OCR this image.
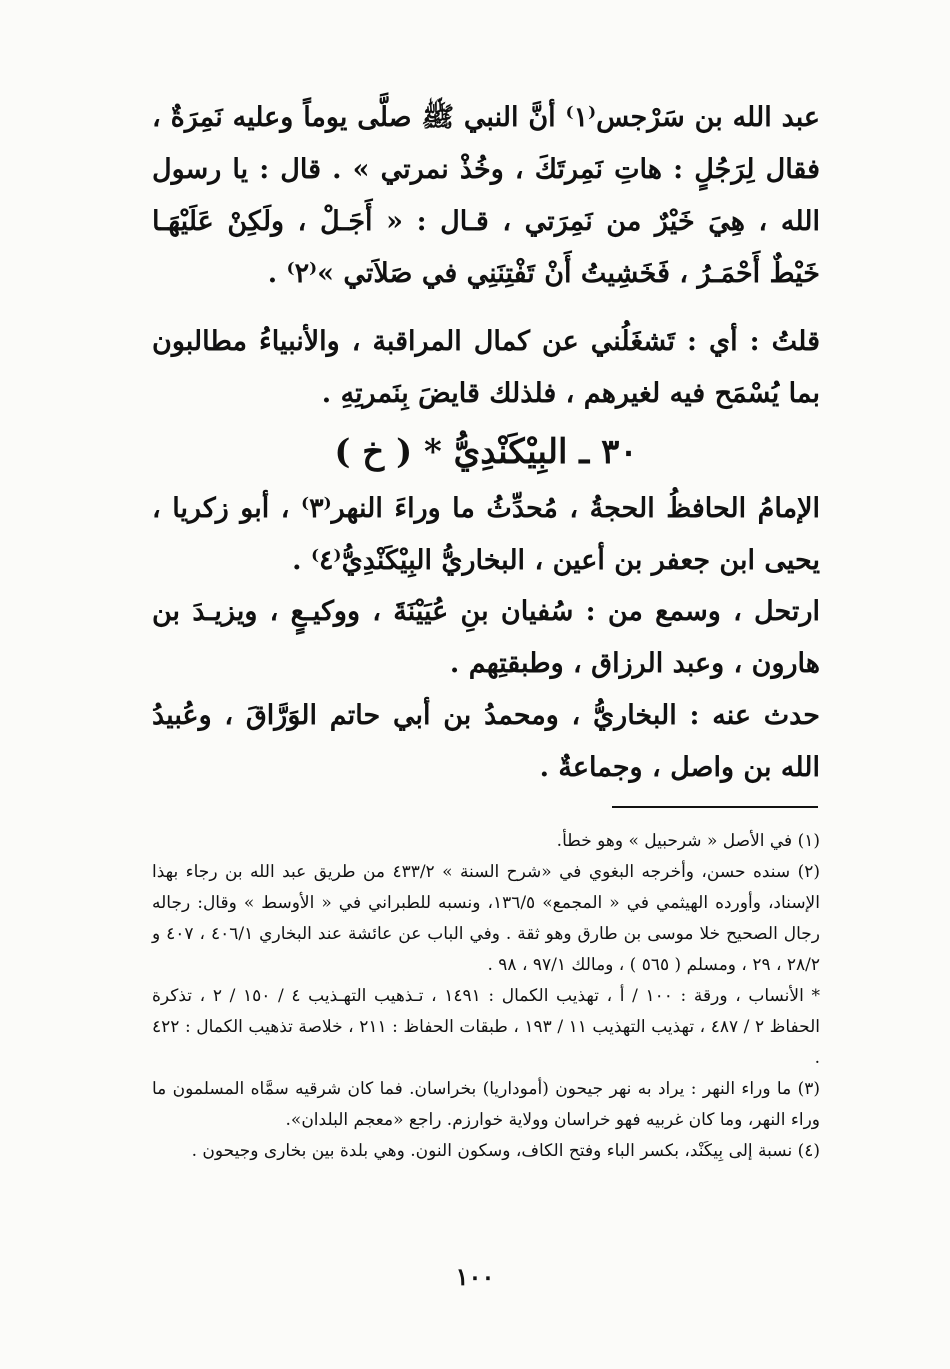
عبد الله بن سَرْجس⁽١⁾ أنَّ النبي ﷺ صلَّى يوماً وعليه نَمِرَةٌ ، فقال لِرَجُلٍ : هاتِ نَمِرتَكَ ، وخُذْ نمرتي » . قال : يا رسول الله ، هِيَ خَيْرٌ من نَمِرَتي ، قـال : « أَجَـلْ ، ولَكِنْ عَلَيْهَـا خَيْطٌ أَحْمَـرُ ، فَخَشِيتُ أَنْ تَفْتِنَنِي في صَلاَتي »⁽٢⁾ .

قلتُ : أي : تَشغَلُني عن كمال المراقبة ، والأنبياءُ مطالبون بما يُسْمَح فيه لغيرهم ، فلذلك قايضَ بِنَمرتِهِ .

٣٠ ـ البِيْكَنْدِيُّ * ( خ )

الإمامُ الحافظُ الحجةُ ، مُحدِّثُ ما وراءَ النهر⁽٣⁾ ، أبو زكريا ، يحيى ابن جعفر بن أعين ، البخاريُّ البِيْكَنْدِيُّ⁽٤⁾ .

ارتحل ، وسمع من : سُفيان بنِ عُيَيْنَةَ ، ووكيـعٍ ، ويزيـدَ بن هارون ، وعبد الرزاق ، وطبقتِهم .

حدث عنه : البخاريُّ ، ومحمدُ بن أبي حاتم الوَرَّاقَ ، وعُبيدُ الله بن واصل ، وجماعةٌ .

(١) في الأصل « شرحبيل » وهو خطأ.

(٢) سنده حسن، وأخرجه البغوي في «شرح السنة » ٤٣٣/٢ من طريق عبد الله بن رجاء بهذا الإسناد، وأورده الهيثمي في « المجمع» ١٣٦/٥، ونسبه للطبراني في « الأوسط » وقال: رجاله رجال الصحيح خلا موسى بن طارق وهو ثقة . وفي الباب عن عائشة عند البخاري ٤٠٦/١ ، ٤٠٧ و ٢٨/٢ ، ٢٩ ، ومسلم ( ٥٦٥ ) ، ومالك ٩٧/١ ، ٩٨ .

* الأنساب ، ورقة : ١٠٠ / أ ، تهذيب الكمال : ١٤٩١ ، تـذهيب التهـذيب ٤ / ١٥٠ / ٢ ، تذكرة الحفاظ ٢ / ٤٨٧ ، تهذيب التهذيب ١١ / ١٩٣ ، طبقات الحفاظ : ٢١١ ، خلاصة تذهيب الكمال : ٤٢٢ .

(٣) ما وراء النهر : يراد به نهر جيحون (أموداريا) بخراسان. فما كان شرقيه سمَّاه المسلمون ما وراء النهر، وما كان غربيه فهو خراسان وولاية خوارزم. راجع «معجم البلدان».

(٤) نسبة إلى بِيكَنْد، بكسر الباء وفتح الكاف، وسكون النون. وهي بلدة بين بخارى وجيحون .

١٠٠
